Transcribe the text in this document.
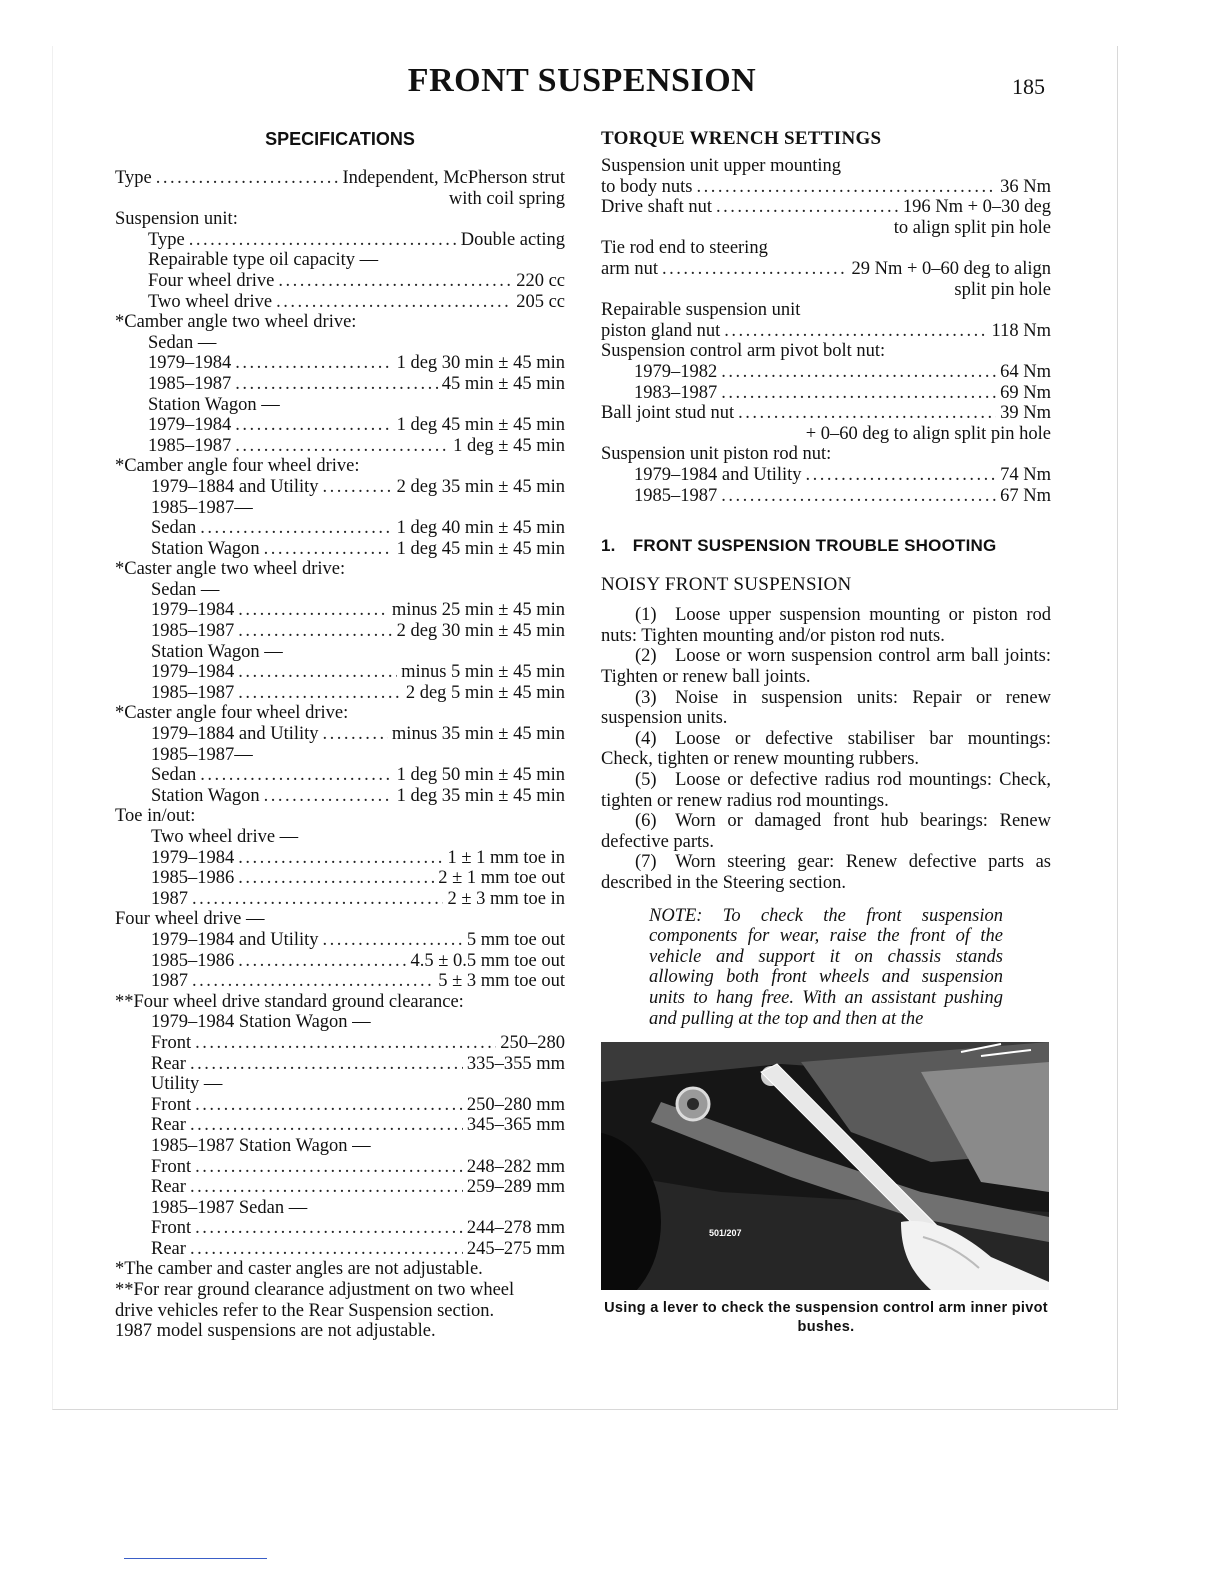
FRONT SUSPENSION	185
SPECIFICATIONS
Type .....	Independent, McPherson strut
with coil spring
Suspension unit:
Type .....	Double acting
Repairable type oil capacity —
Four wheel drive .....	220 cc
Two wheel drive .....	205 cc
*Camber angle two wheel drive:
Sedan —
1979–1984 .....	1 deg 30 min ± 45 min
1985–1987 .....	45 min ± 45 min
Station Wagon —
1979–1984 .....	1 deg 45 min ± 45 min
1985–1987 .....	1 deg ± 45 min
*Camber angle four wheel drive:
1979–1884 and Utility .....	2 deg 35 min ± 45 min
1985–1987—
Sedan .....	1 deg 40 min ± 45 min
Station Wagon .....	1 deg 45 min ± 45 min
*Caster angle two wheel drive:
Sedan —
1979–1984 .....	minus 25 min ± 45 min
1985–1987 .....	2 deg 30 min ± 45 min
Station Wagon —
1979–1984 .....	minus 5 min ± 45 min
1985–1987 .....	2 deg 5 min ± 45 min
*Caster angle four wheel drive:
1979–1884 and Utility .....	minus 35 min ± 45 min
1985–1987—
Sedan .....	1 deg 50 min ± 45 min
Station Wagon .....	1 deg 35 min ± 45 min
Toe in/out:
Two wheel drive —
1979–1984 .....	1 ± 1 mm toe in
1985–1986 .....	2 ± 1 mm toe out
1987 .....	2 ± 3 mm toe in
Four wheel drive —
1979–1984 and Utility .....	5 mm toe out
1985–1986 .....	4.5 ± 0.5 mm toe out
1987 .....	5 ± 3 mm toe out
**Four wheel drive standard ground clearance:
1979–1984 Station Wagon —
Front .....	250–280
Rear .....	335–355 mm
Utility —
Front .....	250–280 mm
Rear .....	345–365 mm
1985–1987 Station Wagon —
Front .....	248–282 mm
Rear .....	259–289 mm
1985–1987 Sedan —
Front .....	244–278 mm
Rear .....	245–275 mm
*The camber and caster angles are not adjustable.
**For rear ground clearance adjustment on two wheel
drive vehicles refer to the Rear Suspension section.
1987 model suspensions are not adjustable.
TORQUE WRENCH SETTINGS
Suspension unit upper mounting
to body nuts .....	36 Nm
Drive shaft nut .....	196 Nm + 0–30 deg
to align split pin hole
Tie rod end to steering
arm nut .....	29 Nm + 0–60 deg to align
split pin hole
Repairable suspension unit
piston gland nut .....	118 Nm
Suspension control arm pivot bolt nut:
1979–1982 .....	64 Nm
1983–1987 .....	69 Nm
Ball joint stud nut .....	39 Nm
+ 0–60 deg to align split pin hole
Suspension unit piston rod nut:
1979–1984 and Utility .....	74 Nm
1985–1987 .....	67 Nm
1. FRONT SUSPENSION TROUBLE SHOOTING
NOISY FRONT SUSPENSION
(1) Loose upper suspension mounting or piston rod nuts: Tighten mounting and/or piston rod nuts.
(2) Loose or worn suspension control arm ball joints: Tighten or renew ball joints.
(3) Noise in suspension units: Repair or renew suspension units.
(4) Loose or defective stabiliser bar mountings: Check, tighten or renew mounting rubbers.
(5) Loose or defective radius rod mountings: Check, tighten or renew radius rod mountings.
(6) Worn or damaged front hub bearings: Renew defective parts.
(7) Worn steering gear: Renew defective parts as described in the Steering section.
NOTE: To check the front suspension components for wear, raise the front of the vehicle and support it on chassis stands allowing both front wheels and suspension units to hang free. With an assistant pushing and pulling at the top and then at the
501/207
Using a lever to check the suspension control arm inner pivot bushes.
